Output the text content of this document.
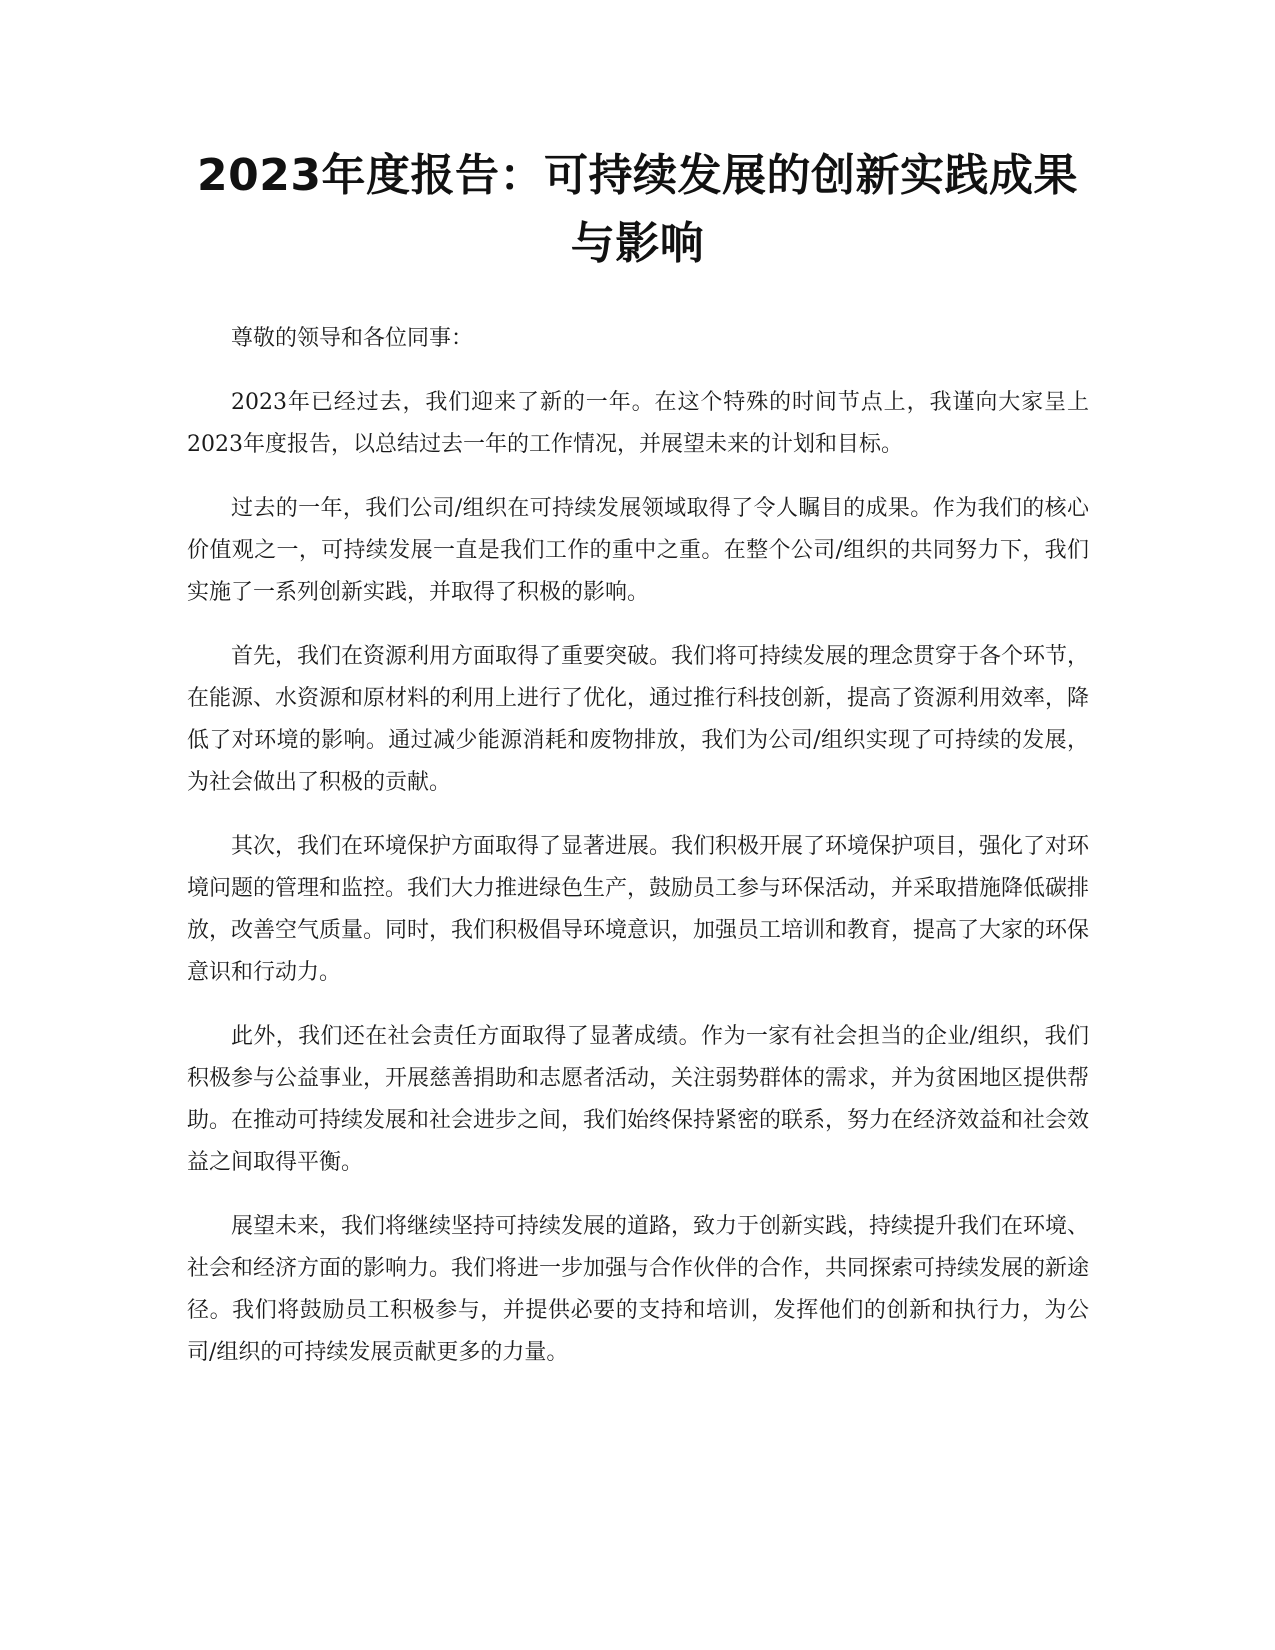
2023年度报告：可持续发展的创新实践成果与影响

尊敬的领导和各位同事：

2023年已经过去，我们迎来了新的一年。在这个特殊的时间节点上，我谨向大家呈上2023年度报告，以总结过去一年的工作情况，并展望未来的计划和目标。

过去的一年，我们公司/组织在可持续发展领域取得了令人瞩目的成果。作为我们的核心价值观之一，可持续发展一直是我们工作的重中之重。在整个公司/组织的共同努力下，我们实施了一系列创新实践，并取得了积极的影响。

首先，我们在资源利用方面取得了重要突破。我们将可持续发展的理念贯穿于各个环节，在能源、水资源和原材料的利用上进行了优化，通过推行科技创新，提高了资源利用效率，降低了对环境的影响。通过减少能源消耗和废物排放，我们为公司/组织实现了可持续的发展，为社会做出了积极的贡献。

其次，我们在环境保护方面取得了显著进展。我们积极开展了环境保护项目，强化了对环境问题的管理和监控。我们大力推进绿色生产，鼓励员工参与环保活动，并采取措施降低碳排放，改善空气质量。同时，我们积极倡导环境意识，加强员工培训和教育，提高了大家的环保意识和行动力。

此外，我们还在社会责任方面取得了显著成绩。作为一家有社会担当的企业/组织，我们积极参与公益事业，开展慈善捐助和志愿者活动，关注弱势群体的需求，并为贫困地区提供帮助。在推动可持续发展和社会进步之间，我们始终保持紧密的联系，努力在经济效益和社会效益之间取得平衡。

展望未来，我们将继续坚持可持续发展的道路，致力于创新实践，持续提升我们在环境、社会和经济方面的影响力。我们将进一步加强与合作伙伴的合作，共同探索可持续发展的新途径。我们将鼓励员工积极参与，并提供必要的支持和培训，发挥他们的创新和执行力，为公司/组织的可持续发展贡献更多的力量。
